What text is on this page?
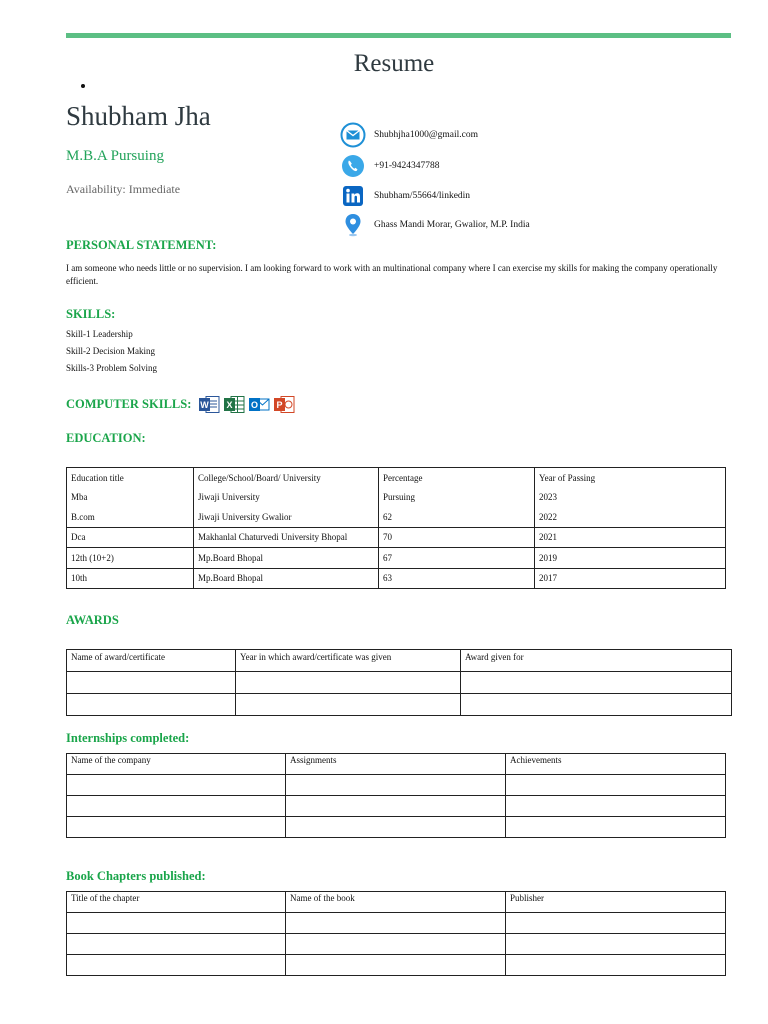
Resume
Shubham Jha
M.B.A Pursuing
Availability: Immediate
Shubhjha1000@gmail.com
+91-9424347788
Shubham/55664/linkedin
Ghass Mandi Morar, Gwalior, M.P. India
PERSONAL STATEMENT:
I am someone who needs little or no supervision. I am looking forward to work with an multinational company where I can exercise my skills for making the company operationally efficient.
SKILLS:
Skill-1 Leadership
Skill-2 Decision Making
Skills-3 Problem Solving
COMPUTER SKILLS: W X O P
EDUCATION:
Education title	College/School/Board/ University	Percentage	Year of Passing
Mba	Jiwaji University	Pursuing	2023
B.com	Jiwaji University Gwalior	62	2022
Dca	Makhanlal Chaturvedi University Bhopal	70	2021
12th (10+2)	Mp.Board Bhopal	67	2019
10th	Mp.Board Bhopal	63	2017
AWARDS
Name of award/certificate	Year in which award/certificate was given	Award given for

Internships completed:
Name of the company	Assignments	Achievements

Book Chapters published:
Title of the chapter	Name of the book	Publisher
